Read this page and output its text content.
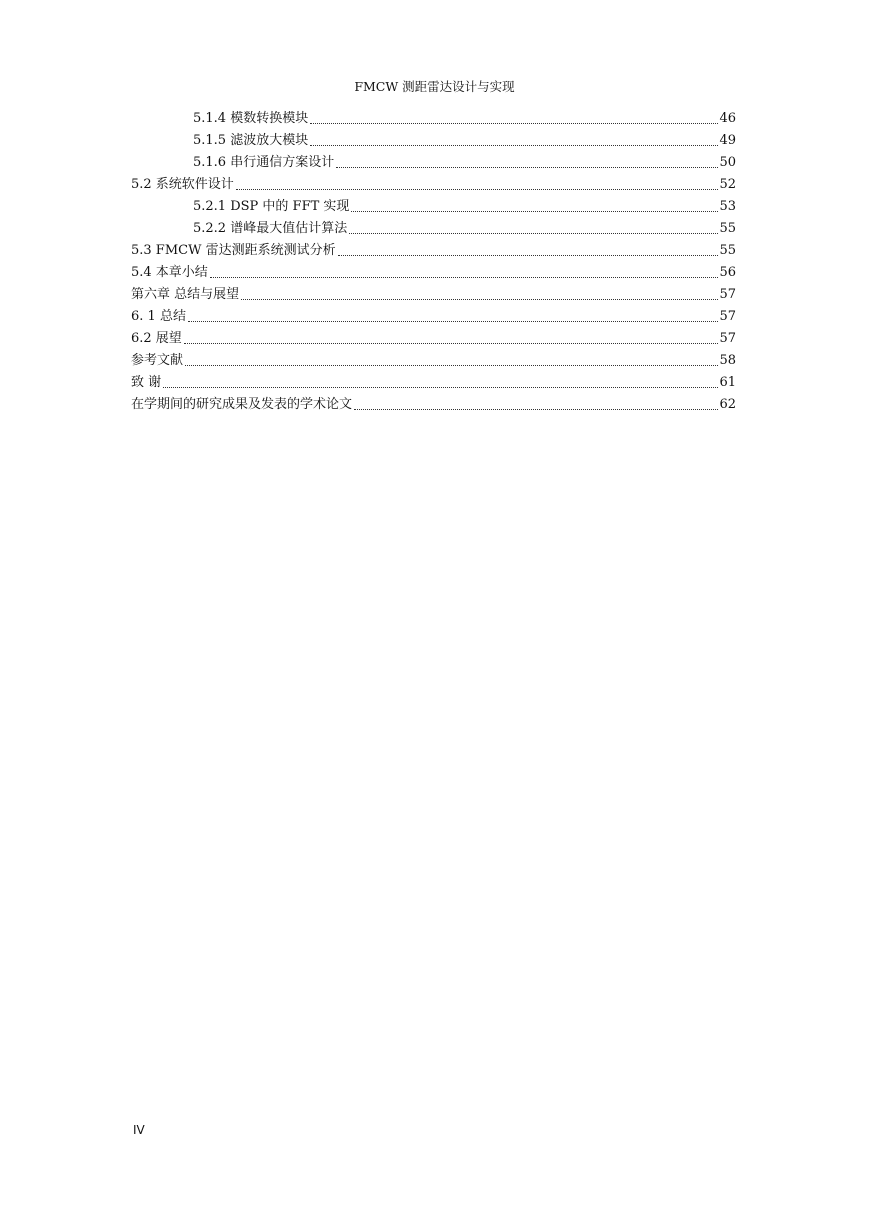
FMCW 测距雷达设计与实现

5.1.4 模数转换模块	46
5.1.5 滤波放大模块	49
5.1.6 串行通信方案设计	50
5.2 系统软件设计	52
5.2.1 DSP 中的 FFT 实现	53
5.2.2 谱峰最大值估计算法	55
5.3 FMCW 雷达测距系统测试分析	55
5.4 本章小结	56
第六章 总结与展望	57
6. 1 总结	57
6.2 展望	57
参考文献	58
致 谢	61
在学期间的研究成果及发表的学术论文	62
IV
